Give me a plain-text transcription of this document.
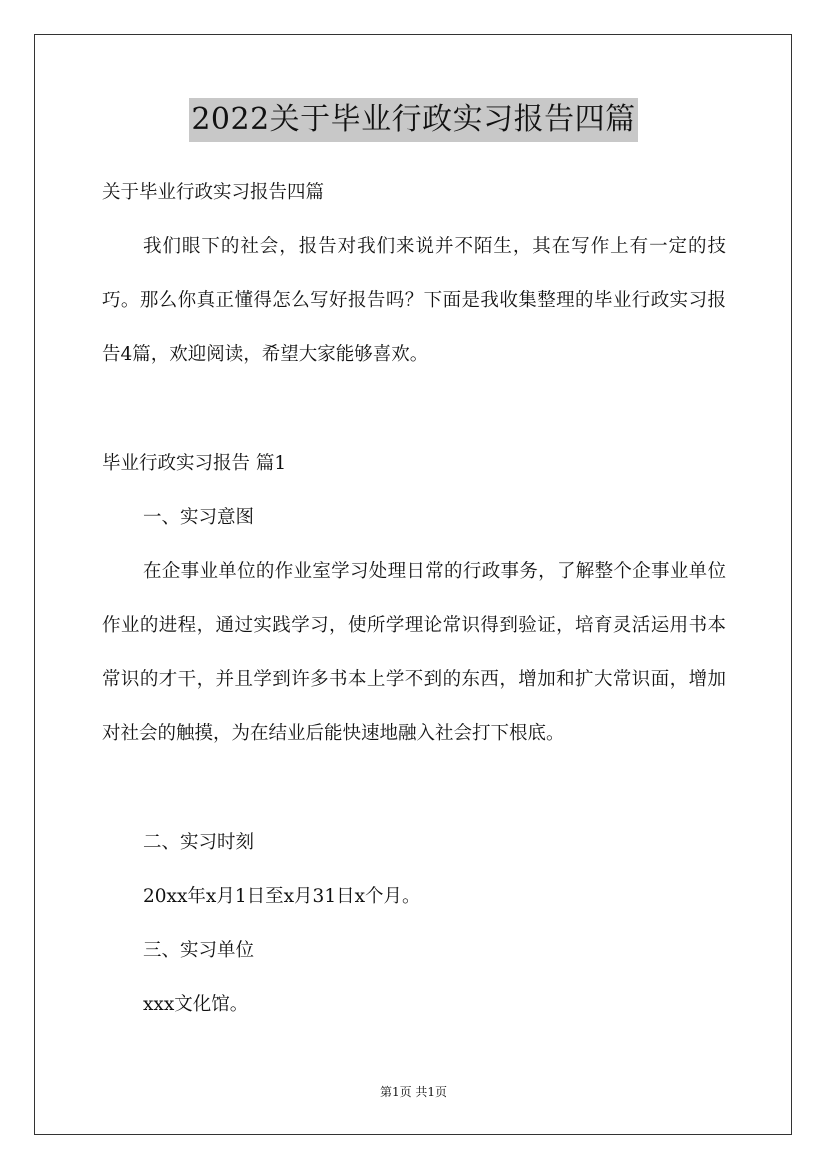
2022关于毕业行政实习报告四篇

关于毕业行政实习报告四篇

我们眼下的社会，报告对我们来说并不陌生，其在写作上有一定的技巧。那么你真正懂得怎么写好报告吗？下面是我收集整理的毕业行政实习报告4篇，欢迎阅读，希望大家能够喜欢。

毕业行政实习报告 篇1

一、实习意图

在企事业单位的作业室学习处理日常的行政事务，了解整个企事业单位作业的进程，通过实践学习，使所学理论常识得到验证，培育灵活运用书本常识的才干，并且学到许多书本上学不到的东西，增加和扩大常识面，增加对社会的触摸，为在结业后能快速地融入社会打下根底。

二、实习时刻

20xx年x月1日至x月31日x个月。

三、实习单位

xxx文化馆。

第1页 共1页
